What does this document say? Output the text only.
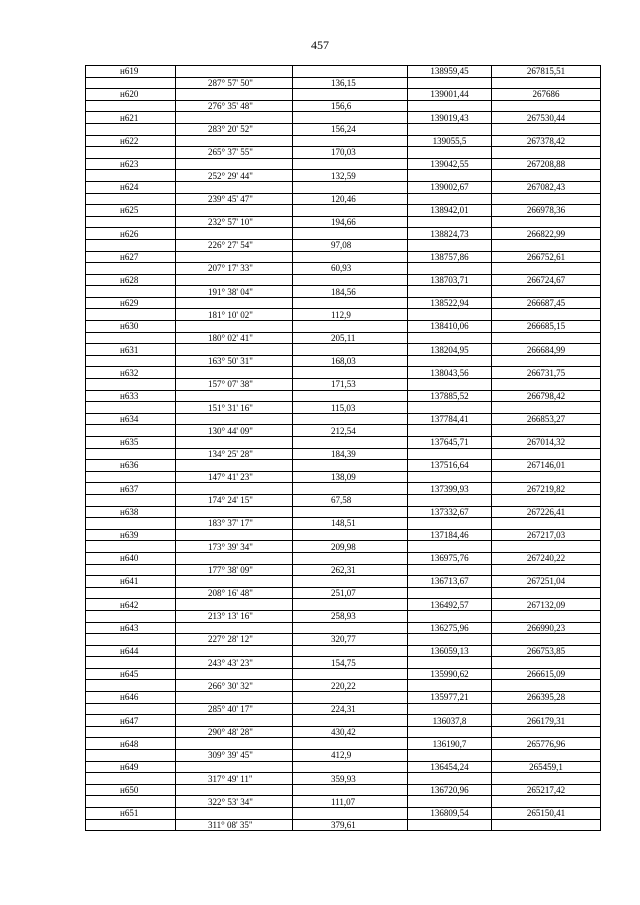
457
н619			138959,45	267815,51
	287° 57' 50"	136,15		
н620			139001,44	267686
	276° 35' 48"	156,6		
н621			139019,43	267530,44
	283° 20' 52"	156,24		
н622			139055,5	267378,42
	265° 37' 55"	170,03		
н623			139042,55	267208,88
	252° 29' 44"	132,59		
н624			139002,67	267082,43
	239° 45' 47"	120,46		
н625			138942,01	266978,36
	232° 57' 10"	194,66		
н626			138824,73	266822,99
	226° 27' 54"	97,08		
н627			138757,86	266752,61
	207° 17' 33"	60,93		
н628			138703,71	266724,67
	191° 38' 04"	184,56		
н629			138522,94	266687,45
	181° 10' 02"	112,9		
н630			138410,06	266685,15
	180° 02' 41"	205,11		
н631			138204,95	266684,99
	163° 50' 31"	168,03		
н632			138043,56	266731,75
	157° 07' 38"	171,53		
н633			137885,52	266798,42
	151° 31' 16"	115,03		
н634			137784,41	266853,27
	130° 44' 09"	212,54		
н635			137645,71	267014,32
	134° 25' 28"	184,39		
н636			137516,64	267146,01
	147° 41' 23"	138,09		
н637			137399,93	267219,82
	174° 24' 15"	67,58		
н638			137332,67	267226,41
	183° 37' 17"	148,51		
н639			137184,46	267217,03
	173° 39' 34"	209,98		
н640			136975,76	267240,22
	177° 38' 09"	262,31		
н641			136713,67	267251,04
	208° 16' 48"	251,07		
н642			136492,57	267132,09
	213° 13' 16"	258,93		
н643			136275,96	266990,23
	227° 28' 12"	320,77		
н644			136059,13	266753,85
	243° 43' 23"	154,75		
н645			135990,62	266615,09
	266° 30' 32"	220,22		
н646			135977,21	266395,28
	285° 40' 17"	224,31		
н647			136037,8	266179,31
	290° 48' 28"	430,42		
н648			136190,7	265776,96
	309° 39' 45"	412,9		
н649			136454,24	265459,1
	317° 49' 11"	359,93		
н650			136720,96	265217,42
	322° 53' 34"	111,07		
н651			136809,54	265150,41
	311° 08' 35"	379,61		
